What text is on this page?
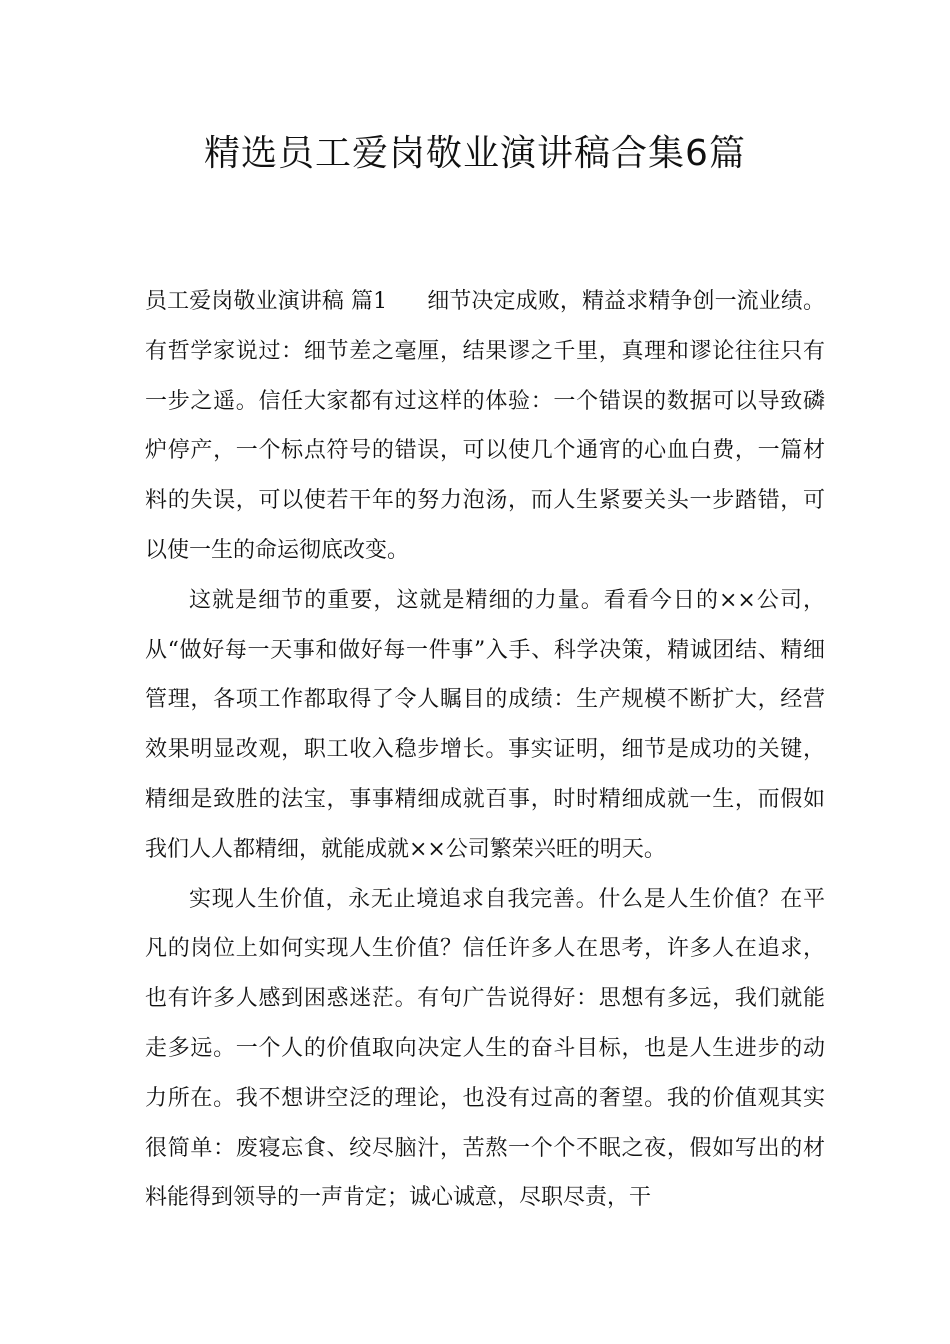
精选员工爱岗敬业演讲稿合集6篇

员工爱岗敬业演讲稿 篇1 细节决定成败，精益求精争创一流业绩。有哲学家说过：细节差之毫厘，结果谬之千里，真理和谬论往往只有一步之遥。信任大家都有过这样的体验：一个错误的数据可以导致磷炉停产，一个标点符号的错误，可以使几个通宵的心血白费，一篇材料的失误，可以使若干年的努力泡汤，而人生紧要关头一步踏错，可以使一生的命运彻底改变。

这就是细节的重要，这就是精细的力量。看看今日的××公司，从“做好每一天事和做好每一件事”入手、科学决策，精诚团结、精细管理，各项工作都取得了令人瞩目的成绩：生产规模不断扩大，经营效果明显改观，职工收入稳步增长。事实证明，细节是成功的关键，精细是致胜的法宝，事事精细成就百事，时时精细成就一生，而假如我们人人都精细，就能成就××公司繁荣兴旺的明天。

实现人生价值，永无止境追求自我完善。什么是人生价值？在平凡的岗位上如何实现人生价值？信任许多人在思考，许多人在追求，也有许多人感到困惑迷茫。有句广告说得好：思想有多远，我们就能走多远。一个人的价值取向决定人生的奋斗目标，也是人生进步的动力所在。我不想讲空泛的理论，也没有过高的奢望。我的价值观其实很简单：废寝忘食、绞尽脑汁，苦熬一个个不眠之夜，假如写出的材料能得到领导的一声肯定；诚心诚意，尽职尽责，干
